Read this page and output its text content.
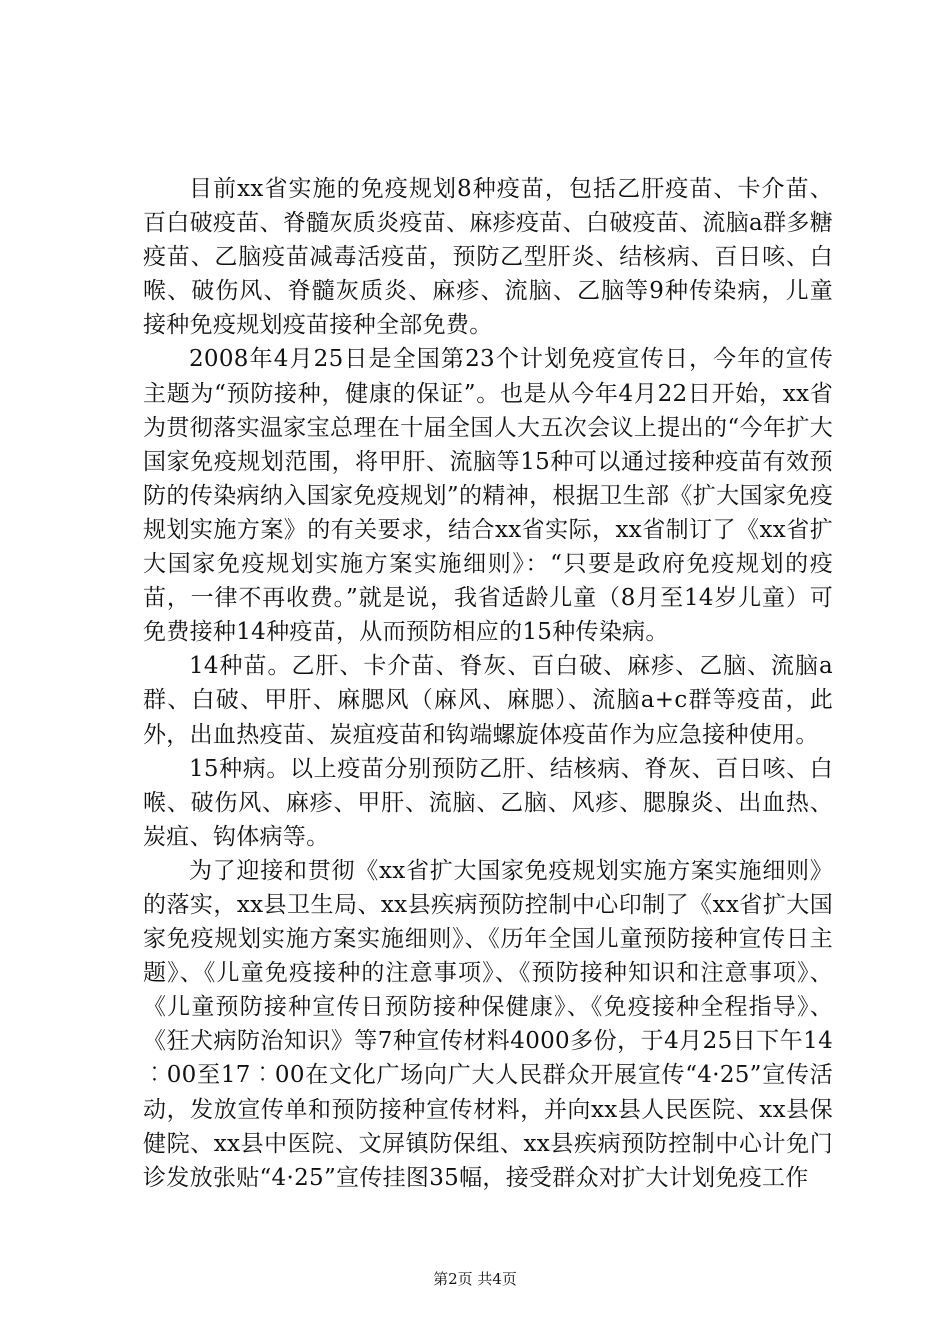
目前xx省实施的免疫规划8种疫苗，包括乙肝疫苗、卡介苗、百白破疫苗、脊髓灰质炎疫苗、麻疹疫苗、白破疫苗、流脑a群多糖疫苗、乙脑疫苗减毒活疫苗，预防乙型肝炎、结核病、百日咳、白喉、破伤风、脊髓灰质炎、麻疹、流脑、乙脑等9种传染病，儿童接种免疫规划疫苗接种全部免费。

2008年4月25日是全国第23个计划免疫宣传日，今年的宣传主题为“预防接种，健康的保证”。也是从今年4月22日开始，xx省为贯彻落实温家宝总理在十届全国人大五次会议上提出的“今年扩大国家免疫规划范围，将甲肝、流脑等15种可以通过接种疫苗有效预防的传染病纳入国家免疫规划”的精神，根据卫生部《扩大国家免疫规划实施方案》的有关要求，结合xx省实际，xx省制订了《xx省扩大国家免疫规划实施方案实施细则》：“只要是政府免疫规划的疫苗，一律不再收费。”就是说，我省适龄儿童（8月至14岁儿童）可免费接种14种疫苗，从而预防相应的15种传染病。

14种苗。乙肝、卡介苗、脊灰、百白破、麻疹、乙脑、流脑a群、白破、甲肝、麻腮风（麻风、麻腮）、流脑a+c群等疫苗，此外，出血热疫苗、炭疽疫苗和钩端螺旋体疫苗作为应急接种使用。

15种病。以上疫苗分别预防乙肝、结核病、脊灰、百日咳、白喉、破伤风、麻疹、甲肝、流脑、乙脑、风疹、腮腺炎、出血热、炭疽、钩体病等。

为了迎接和贯彻《xx省扩大国家免疫规划实施方案实施细则》的落实，xx县卫生局、xx县疾病预防控制中心印制了《xx省扩大国家免疫规划实施方案实施细则》、《历年全国儿童预防接种宣传日主题》、《儿童免疫接种的注意事项》、《预防接种知识和注意事项》、《儿童预防接种宣传日预防接种保健康》、《免疫接种全程指导》、《狂犬病防治知识》等7种宣传材料4000多份，于4月25日下午14︰00至17︰00在文化广场向广大人民群众开展宣传“4·25”宣传活动，发放宣传单和预防接种宣传材料，并向xx县人民医院、xx县保健院、xx县中医院、文屏镇防保组、xx县疾病预防控制中心计免门诊发放张贴“4·25”宣传挂图35幅，接受群众对扩大计划免疫工作

第2页 共4页
